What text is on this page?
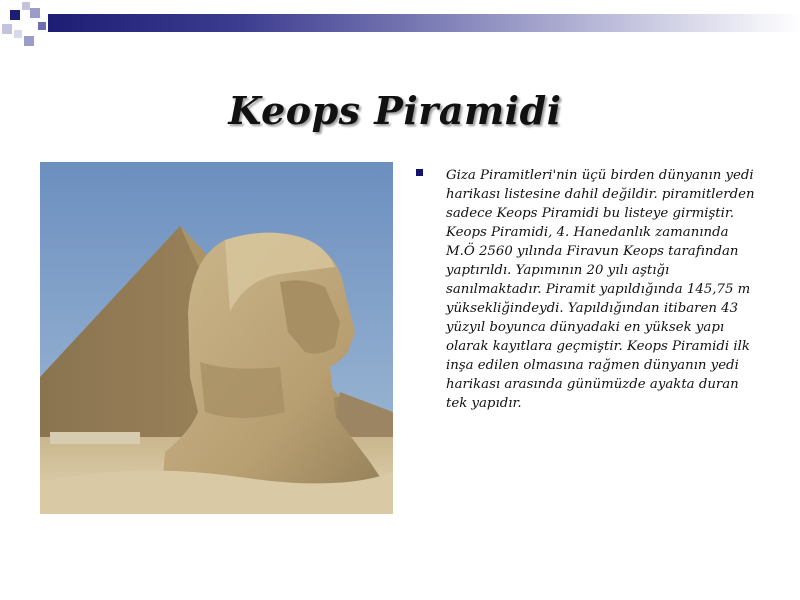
Keops Piramidi
Giza Piramitleri'nin üçü birden dünyanın yedi harikası listesine dahil değildir. piramitlerden sadece Keops Piramidi bu listeye girmiştir. Keops Piramidi, 4. Hanedanlık zamanında M.Ö 2560 yılında Firavun Keops tarafından yaptırıldı. Yapımının 20 yılı aştığı sanılmaktadır. Piramit yapıldığında 145,75 m yüksekliğindeydi. Yapıldığından itibaren 43 yüzyıl boyunca dünyadaki en yüksek yapı olarak kayıtlara geçmiştir. Keops Piramidi ilk inşa edilen olmasına rağmen dünyanın yedi harikası arasında günümüzde ayakta duran tek yapıdır.
